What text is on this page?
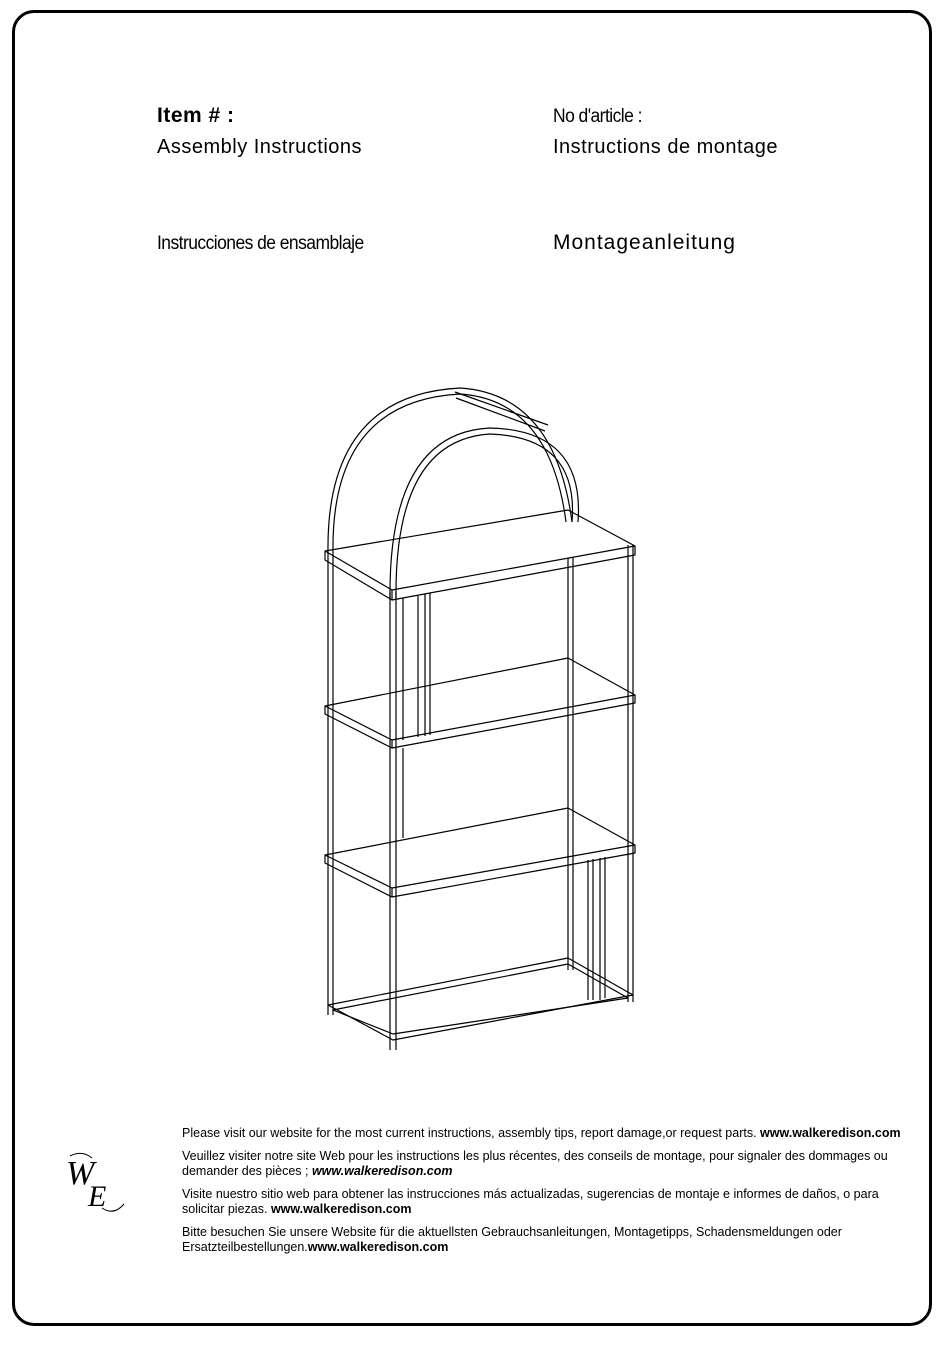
Item # :
Assembly Instructions
No d'article :
Instructions de montage
Instrucciones de ensamblaje	Montageanleitung
W
E

Please visit our website for the most current instructions, assembly tips, report damage,or request parts. www.walkeredison.com

Veuillez visiter notre site Web pour les instructions les plus récentes, des conseils de montage, pour signaler des dommages ou demander des pièces ; www.walkeredison.com

Visite nuestro sitio web para obtener las instrucciones más actualizadas, sugerencias de montaje e informes de daños, o para solicitar piezas. www.walkeredison.com

Bitte besuchen Sie unsere Website für die aktuellsten Gebrauchsanleitungen, Montagetipps, Schadensmeldungen oder Ersatzteilbestellungen.www.walkeredison.com
